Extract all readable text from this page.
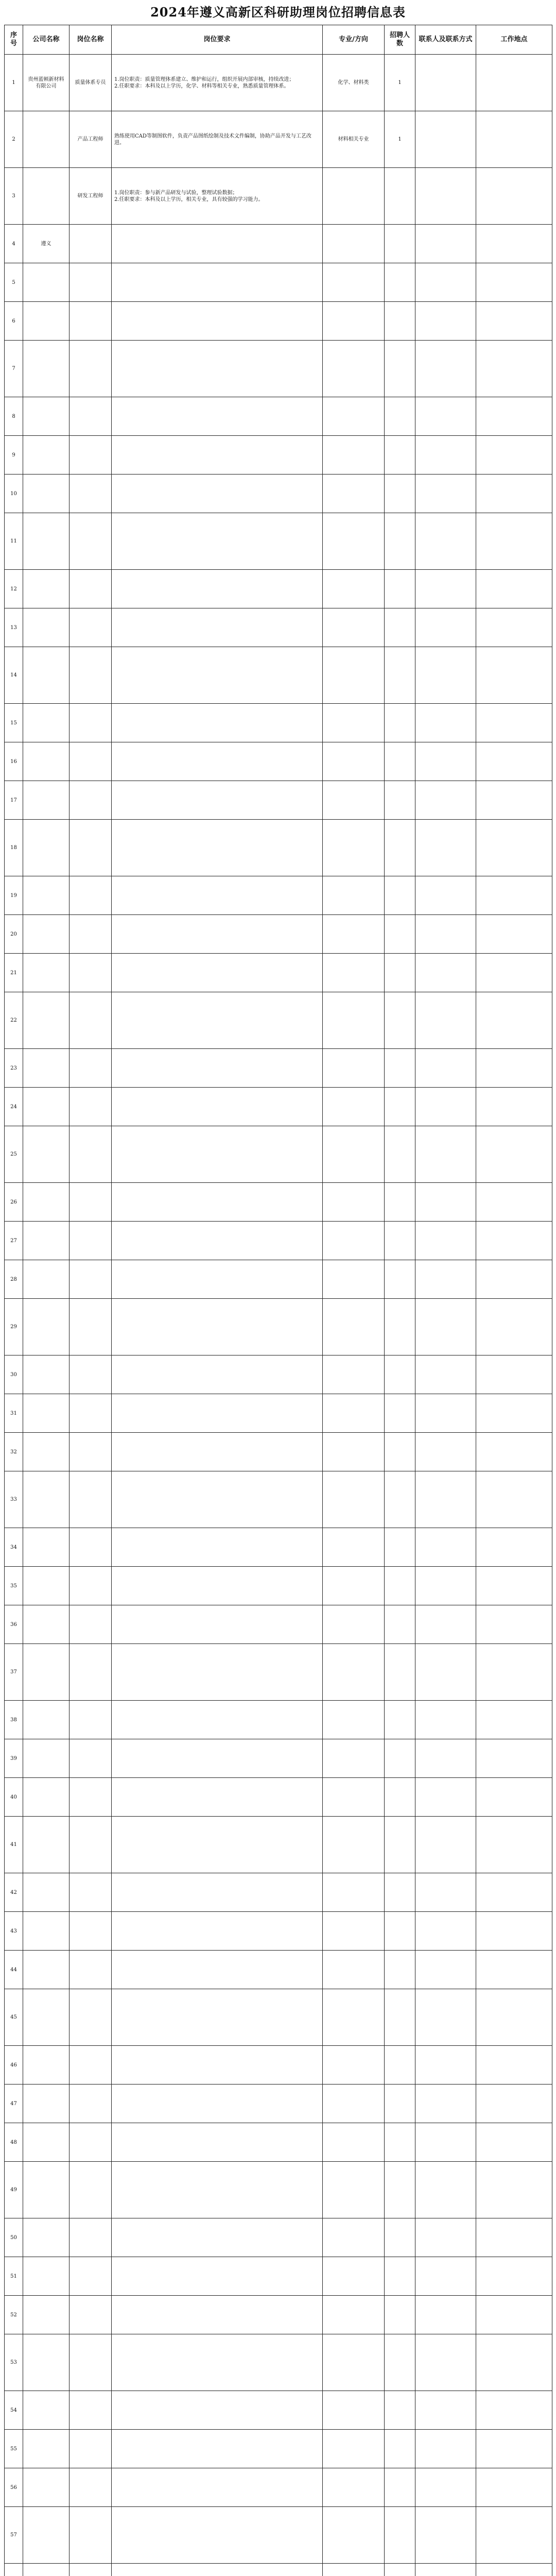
2024年遵义高新区科研助理岗位招聘信息表
序号	公司名称	岗位名称	岗位要求	专业/方向	招聘人数	联系人及联系方式	工作地点
1	贵州蓝顿新材料有限公司	质量体系专员	1.岗位职责：质量管理体系建立、维护和运行，组织开展内部审核，持续改进；
2.任职要求：本科及以上学历，化学、材料等相关专业，熟悉质量管理体系。	化学、材料类	1		
2		产品工程师	熟练使用CAD等制图软件，负责产品图纸绘制及技术文件编制，协助产品开发与工艺改进。	材料相关专业	1		
3		研发工程师	1.岗位职责：参与新产品研发与试验，整理试验数据；
2.任职要求：本科及以上学历，相关专业，具有较强的学习能力。				

4	遵义		

5			

6			

7			

8			

9			

10			

11			

12			

13			

14			

15			

16			

17			

18			

19			

20			

21			

22			

23			

24			

25			

26			

27			

28			

29			

30			

31			

32			

33			

34			

35			

36			

37			

38			

39			

40			

41			

42			

43			

44			

45			

46			

47			

48			

49			

50			

51			

52			

53			

54			

55			

56			

57			
